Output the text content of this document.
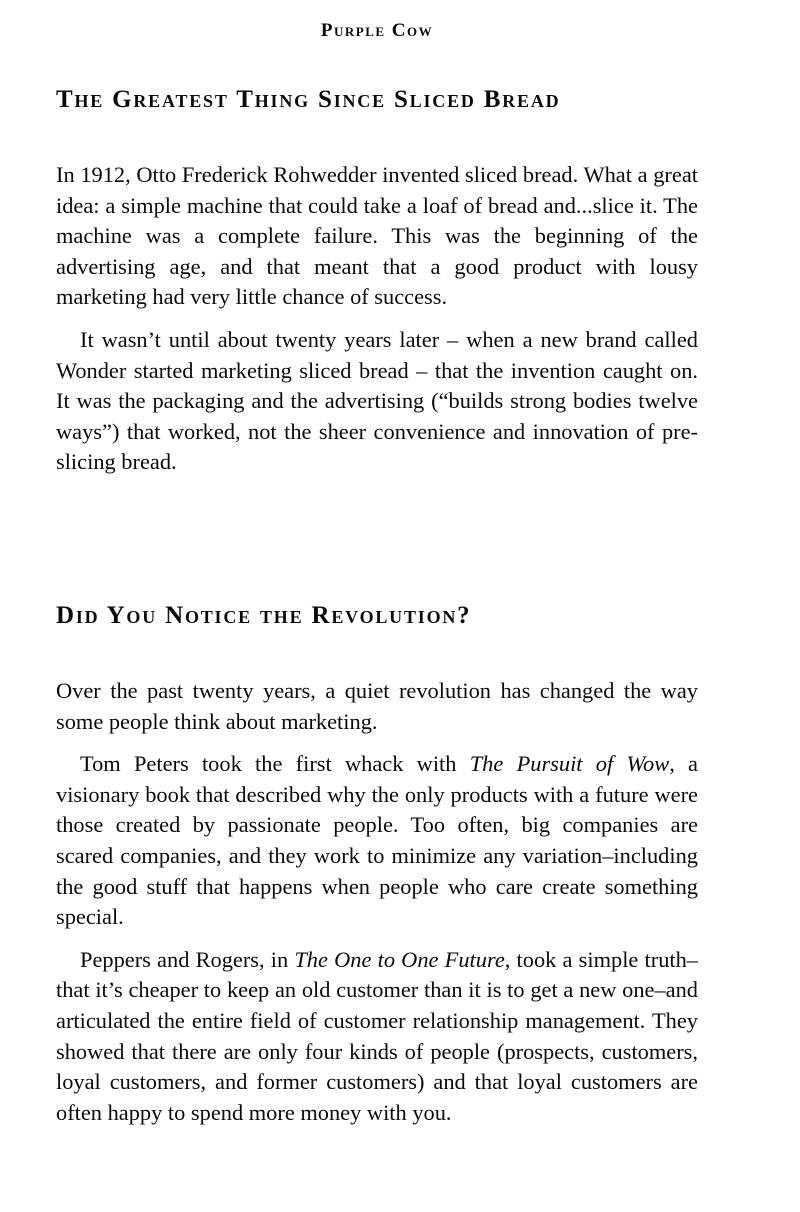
Purple Cow
The Greatest Thing Since Sliced Bread

In 1912, Otto Frederick Rohwedder invented sliced bread. What a great idea: a simple machine that could take a loaf of bread and...slice it. The machine was a complete failure. This was the beginning of the advertising age, and that meant that a good product with lousy marketing had very little chance of success.

It wasn’t until about twenty years later – when a new brand called Wonder started marketing sliced bread – that the invention caught on. It was the packaging and the advertising (“builds strong bodies twelve ways”) that worked, not the sheer convenience and innovation of pre-slicing bread.

Did You Notice the Revolution?

Over the past twenty years, a quiet revolution has changed the way some people think about marketing.

Tom Peters took the first whack with The Pursuit of Wow, a visionary book that described why the only products with a future were those created by passionate people. Too often, big companies are scared companies, and they work to minimize any variation–including the good stuff that happens when people who care create something special.

Peppers and Rogers, in The One to One Future, took a simple truth–that it’s cheaper to keep an old customer than it is to get a new one–and articulated the entire field of customer relationship management. They showed that there are only four kinds of people (prospects, customers, loyal customers, and former customers) and that loyal customers are often happy to spend more money with you.
